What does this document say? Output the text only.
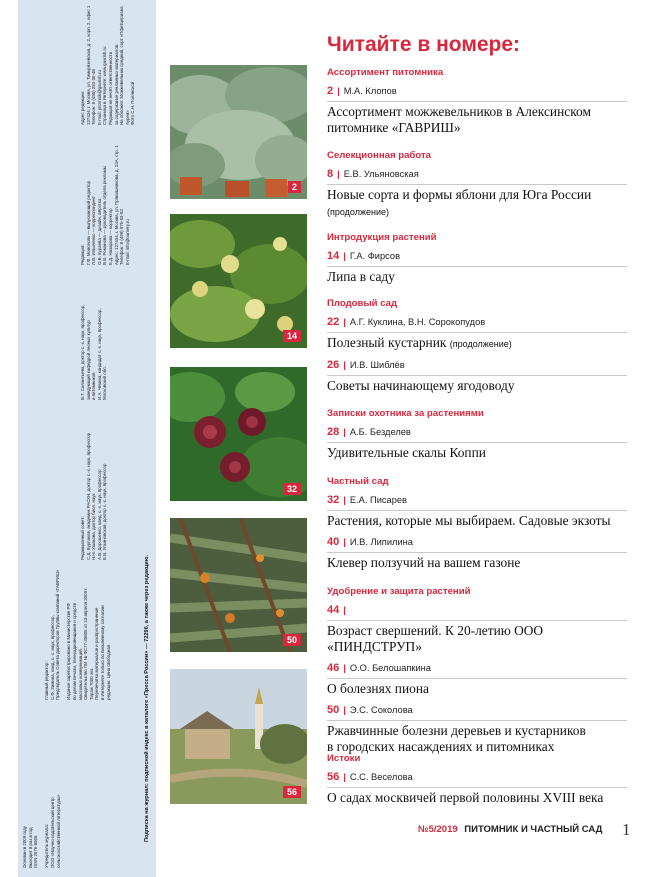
Основан в 2009 году
Выходит 8 раз в год
ISSN 2076-6505

Учредитель журнала:
ООО «Научно-издательский центр
сельскохозяйственной литературы»
Главный редактор:
С.Ф. Зимина, канд. с.-х. наук, профессор,
Председатель Совета директоров Группы компаний «ГАВРИШ»

Издание зарегистрировано в Министерстве РФ
по делам печати, телерадиовещания и средств
массовых коммуникаций.
Свидетельство ПИ № ФС77-35806 от 23 апреля 2009 г.
Тираж 7000 экз.
Перепечатка материалов и распространение
в Интернете только по письменному согласию
редакции. Цена свободная
Редакционный совет:
С.Д. Бурлаков, академик РАСХН, доктор с.-х. наук, профессор
Н.Н. Ушакова, доктор биол. наук
А.В. Дорошенко, канд. с.-х. наук, профессор
Е.В. Ульяновская, доктор с.-х. наук, профессор
В.Т. Силантьева, доктор с.-х. наук, профессор,
заведующий кафедрой лесных культур
и питомников
И.А. Чекина, кандидат с.-х. наук, профессор,
Московский обл.
Редакция:
Г.Ф. Мовсесян — выпускающий редактор
Л.В. Ильиченко — корреспондент
О.В. Кураева — дизайн, вёрстка
В.В. Романова — руководитель отдела рекламы
Е.Д. Назарова — корректор
Адрес: 127434, г. Москва, ул. Прянишникова, д. 23А, стр. 1
Телефон: 8 (499) 976-53-93
E-mail: info@nursery.ru
Адрес редакции:
127434, г. Москва, ул. Тимирязевская, д. 2, корп. 2, офис 1
Телефон: 8 (495) 253-36-48
E-mail: pitomnik@gavrish.ru
Страница в Интернете: www.gavrish.ru
Редакция не несёт ответственности
за содержание рекламных материалов.
На обложке: Можжевельник средний, сорт «Пфитцериана Аурея»
Фото С.Н. Полянской
Подписка на журнал: подписной индекс в каталоге «Пресса России» — 72296, а также через редакцию.
2
14
32
50
56
Читайте в номере:

Ассортимент питомника

2 | М.А. Клопов

Ассортимент можжевельников в Алексинском
питомнике «ГАВРИШ»

Селекционная работа

8 | Е.В. Ульяновская

Новые сорта и формы яблони для Юга России
(продолжение)

Интродукция растений

14 | Г.А. Фирсов

Липа в саду

Плодовый сад

22 | А.Г. Куклина, В.Н. Сорокопудов

Полезный кустарник (продолжение)

26 | И.В. Шиблёв

Советы начинающему ягодоводу

Записки охотника за растениями

28 | А.Б. Безделев

Удивительные скалы Коппи

Частный сад

32 | Е.А. Писарев

Растения, которые мы выбираем. Садовые экзоты

40 | И.В. Липилина

Клевер ползучий на вашем газоне

Удобрение и защита растений

44 |

Возраст свершений. К 20-летию ООО «ПИНДСТРУП»

46 | О.О. Белошапкина

О болезнях пиона

50 | Э.С. Соколова

Ржавчинные болезни деревьев и кустарников
в городских насаждениях и питомниках

Истоки

56 | С.С. Веселова

О садах москвичей первой половины XVIII века

№5/2019 ПИТОМНИК И ЧАСТНЫЙ САД 1
